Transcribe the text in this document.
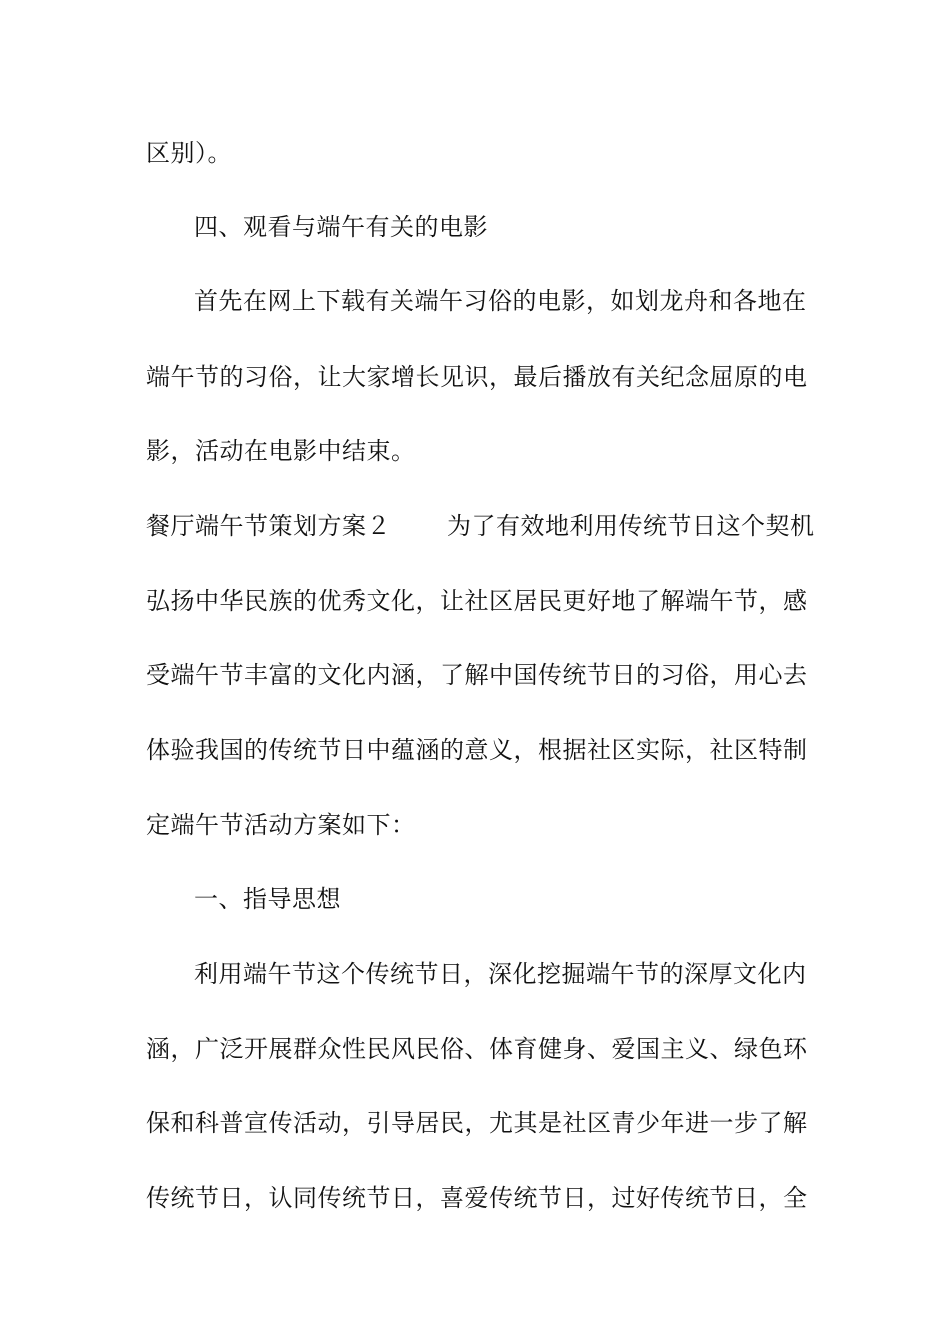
区别）。
四、观看与端午有关的电影
首先在网上下载有关端午习俗的电影，如划龙舟和各地在
端午节的习俗，让大家增长见识，最后播放有关纪念屈原的电
影，活动在电影中结束。
餐厅端午节策划方案２ 为了有效地利用传统节日这个契机
弘扬中华民族的优秀文化，让社区居民更好地了解端午节，感
受端午节丰富的文化内涵，了解中国传统节日的习俗，用心去
体验我国的传统节日中蕴涵的意义，根据社区实际，社区特制
定端午节活动方案如下：
一、指导思想
利用端午节这个传统节日，深化挖掘端午节的深厚文化内
涵，广泛开展群众性民风民俗、体育健身、爱国主义、绿色环
保和科普宣传活动，引导居民，尤其是社区青少年进一步了解
传统节日，认同传统节日，喜爱传统节日，过好传统节日，全
